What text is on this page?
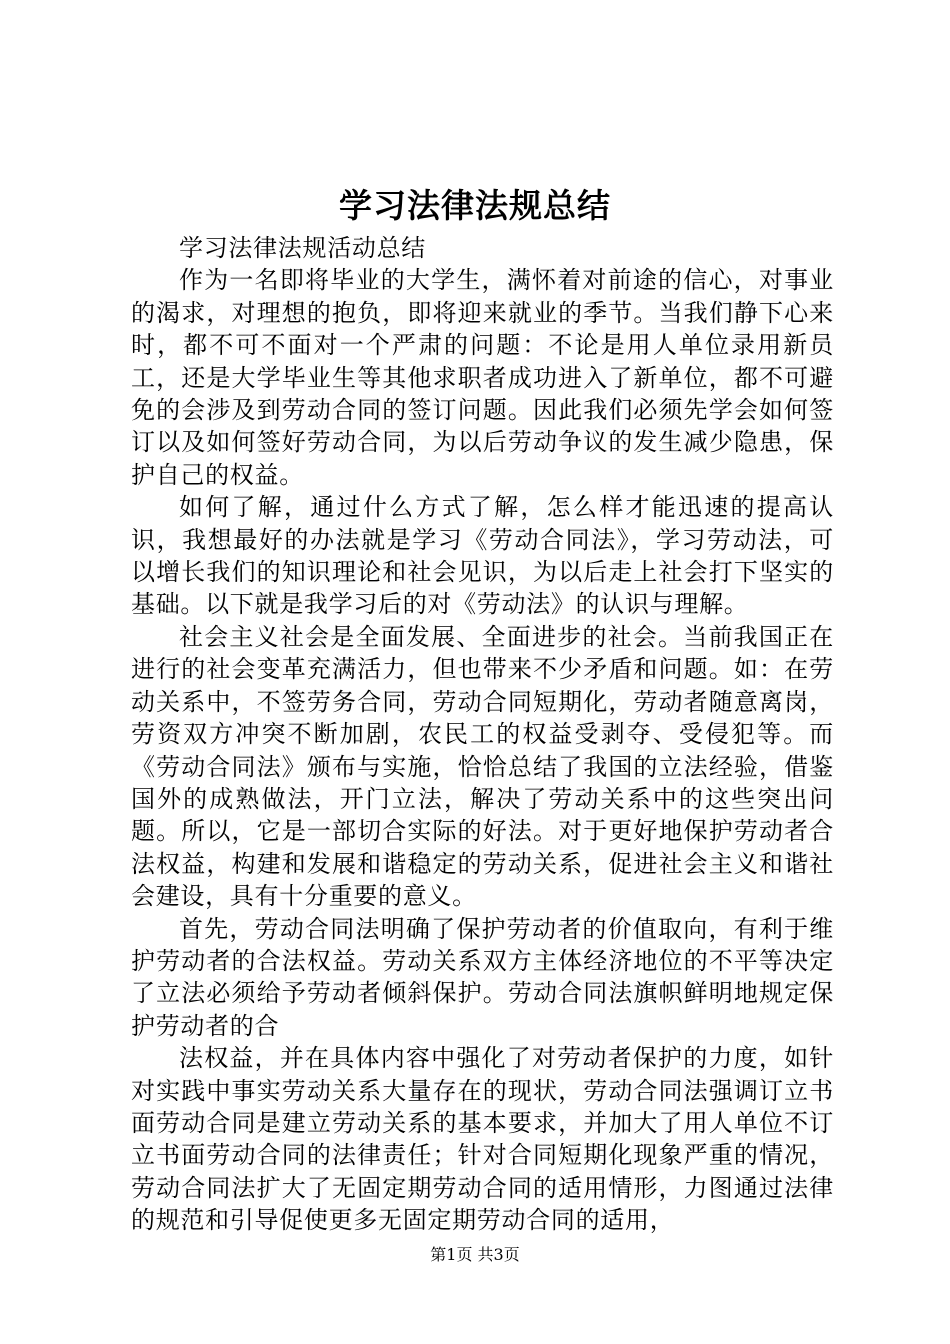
学习法律法规总结

学习法律法规活动总结

作为一名即将毕业的大学生，满怀着对前途的信心，对事业的渴求，对理想的抱负，即将迎来就业的季节。当我们静下心来时，都不可不面对一个严肃的问题：不论是用人单位录用新员工，还是大学毕业生等其他求职者成功进入了新单位，都不可避免的会涉及到劳动合同的签订问题。因此我们必须先学会如何签订以及如何签好劳动合同，为以后劳动争议的发生减少隐患，保护自己的权益。

如何了解，通过什么方式了解，怎么样才能迅速的提高认识，我想最好的办法就是学习《劳动合同法》，学习劳动法，可以增长我们的知识理论和社会见识，为以后走上社会打下坚实的基础。以下就是我学习后的对《劳动法》的认识与理解。

社会主义社会是全面发展、全面进步的社会。当前我国正在进行的社会变革充满活力，但也带来不少矛盾和问题。如：在劳动关系中，不签劳务合同，劳动合同短期化，劳动者随意离岗，劳资双方冲突不断加剧，农民工的权益受剥夺、受侵犯等。而《劳动合同法》颁布与实施，恰恰总结了我国的立法经验，借鉴国外的成熟做法，开门立法，解决了劳动关系中的这些突出问题。所以，它是一部切合实际的好法。对于更好地保护劳动者合法权益，构建和发展和谐稳定的劳动关系，促进社会主义和谐社会建设，具有十分重要的意义。

首先，劳动合同法明确了保护劳动者的价值取向，有利于维护劳动者的合法权益。劳动关系双方主体经济地位的不平等决定了立法必须给予劳动者倾斜保护。劳动合同法旗帜鲜明地规定保护劳动者的合

法权益，并在具体内容中强化了对劳动者保护的力度，如针对实践中事实劳动关系大量存在的现状，劳动合同法强调订立书面劳动合同是建立劳动关系的基本要求，并加大了用人单位不订立书面劳动合同的法律责任；针对合同短期化现象严重的情况，劳动合同法扩大了无固定期劳动合同的适用情形，力图通过法律的规范和引导促使更多无固定期劳动合同的适用，

第1页 共3页
